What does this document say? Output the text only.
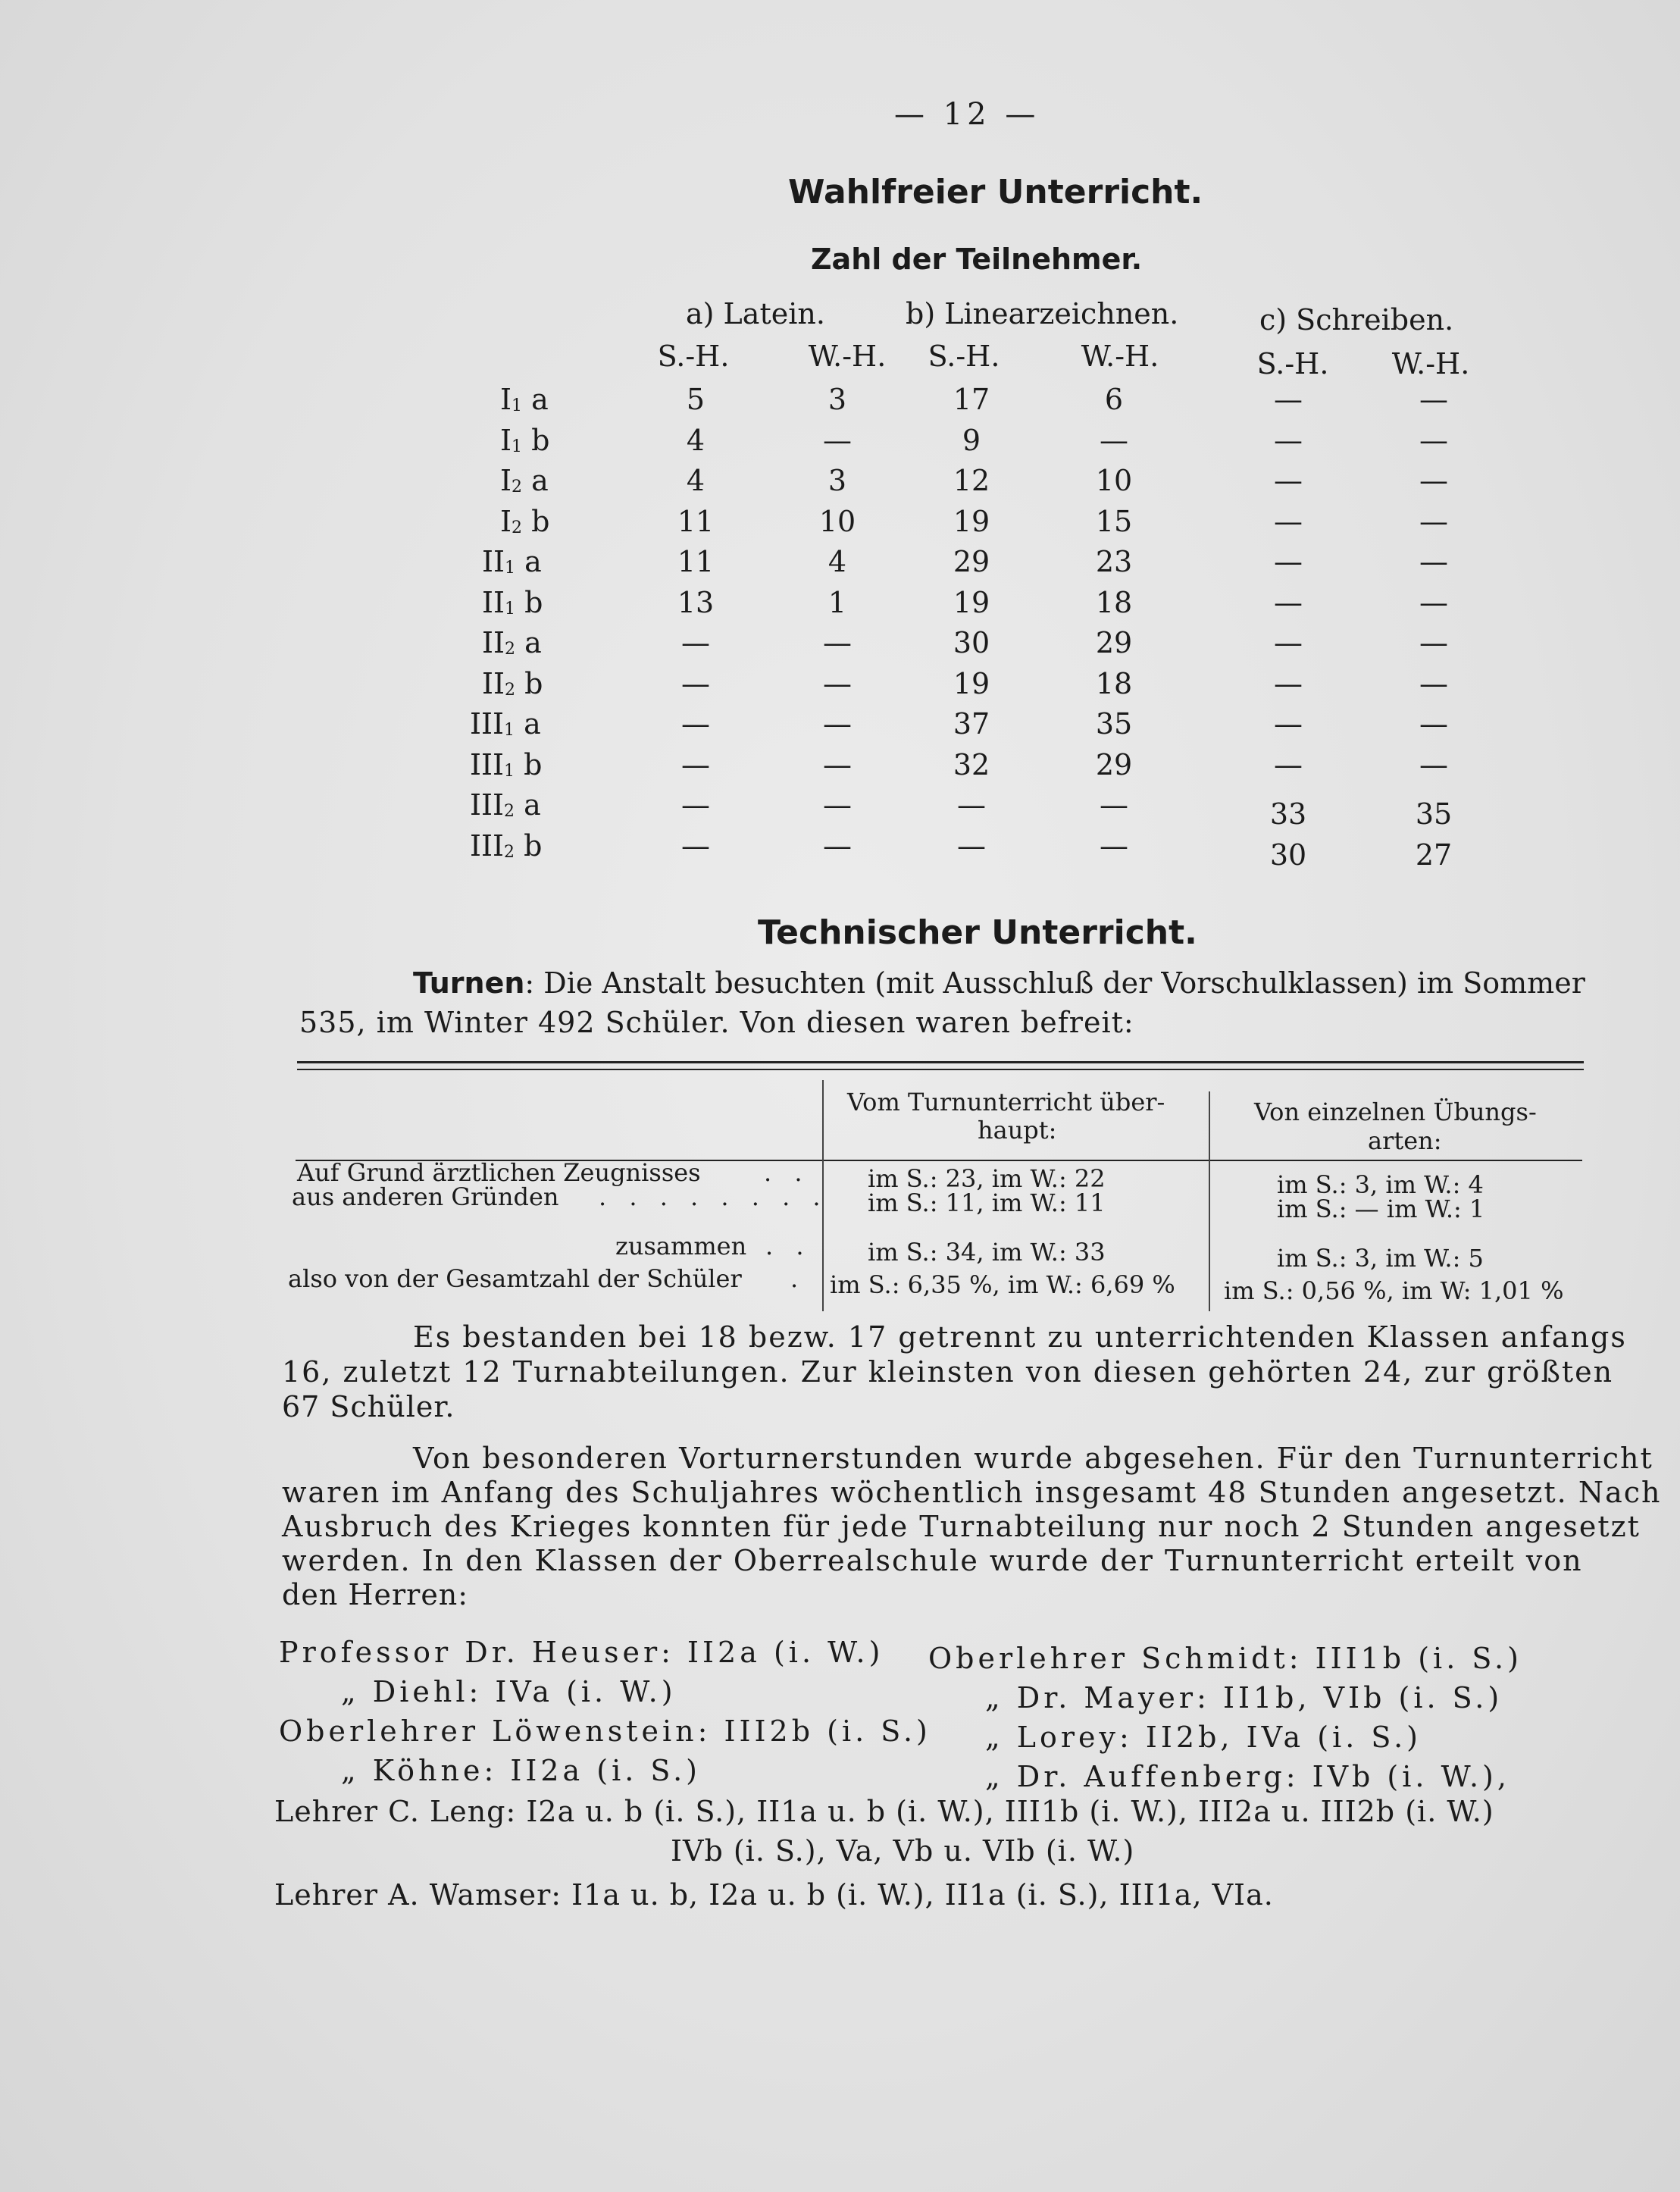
— 12 —
Wahlfreier Unterricht.
Zahl der Teilnehmer.
a) Latein.	b) Linearzeichnen.	c) Schreiben.
S.-H.	W.-H. S.-H.	W.-H.	S.-H. W.-H.
I1 a	5	3	17	6	—	—
I1 b	4	—	9	—	—	—
I2 a	4	3	12	10	—	—
I2 b	11	10	19	15	—	—
II1 a	11	4	29	23	—	—
II1 b	13	1	19	18	—	—
II2 a	—	—	30	29	—	—
II2 b	—	—	19	18	—	—
III1 a	—	—	37	35	—	—
III1 b	—	—	32	29	—	—
III2 a	—	—	—	—	33	35
III2 b	—	—	—	—	30	27
Technischer Unterricht.
Turnen: Die Anstalt besuchten (mit Ausschluß der Vorschulklassen) im Sommer
535, im Winter 492 Schüler. Von diesen waren befreit:
Vom Turnunterricht über-
haupt:
Von einzelnen Übungs-
arten:
Auf Grund ärztlichen Zeugnisses	. . im S.: 23, im W.: 22	im S.: 3, im W.: 4
aus anderen Gründen . . . . . . . . im S.: 11, im W.: 11	im S.: — im W.: 1
zusammen . . im S.: 34, im W.: 33	im S.: 3, im W.: 5
also von der Gesamtzahl der Schüler . im S.: 6,35 %, im W.: 6,69 % im S.: 0,56 %, im W: 1,01 %
Es bestanden bei 18 bezw. 17 getrennt zu unterrichtenden Klassen anfangs
16, zuletzt 12 Turnabteilungen. Zur kleinsten von diesen gehörten 24, zur größten
67 Schüler.
Von besonderen Vorturnerstunden wurde abgesehen. Für den Turnunterricht
waren im Anfang des Schuljahres wöchentlich insgesamt 48 Stunden angesetzt. Nach
Ausbruch des Krieges konnten für jede Turnabteilung nur noch 2 Stunden angesetzt
werden. In den Klassen der Oberrealschule wurde der Turnunterricht erteilt von
den Herren:
Professor Dr. Heuser: II2a (i. W.) Oberlehrer Schmidt: III1b (i. S.)
„ Diehl: IVa (i. W.)	„ Dr. Mayer: II1b, VIb (i. S.)
Oberlehrer Löwenstein: III2b (i. S.) „ Lorey: II2b, IVa (i. S.)
„ Köhne: II2a (i. S.)	„ Dr. Auffenberg: IVb (i. W.),
Lehrer C. Leng: I2a u. b (i. S.), II1a u. b (i. W.), III1b (i. W.), III2a u. III2b (i. W.)
IVb (i. S.), Va, Vb u. VIb (i. W.)
Lehrer A. Wamser: I1a u. b, I2a u. b (i. W.), II1a (i. S.), III1a, VIa.
